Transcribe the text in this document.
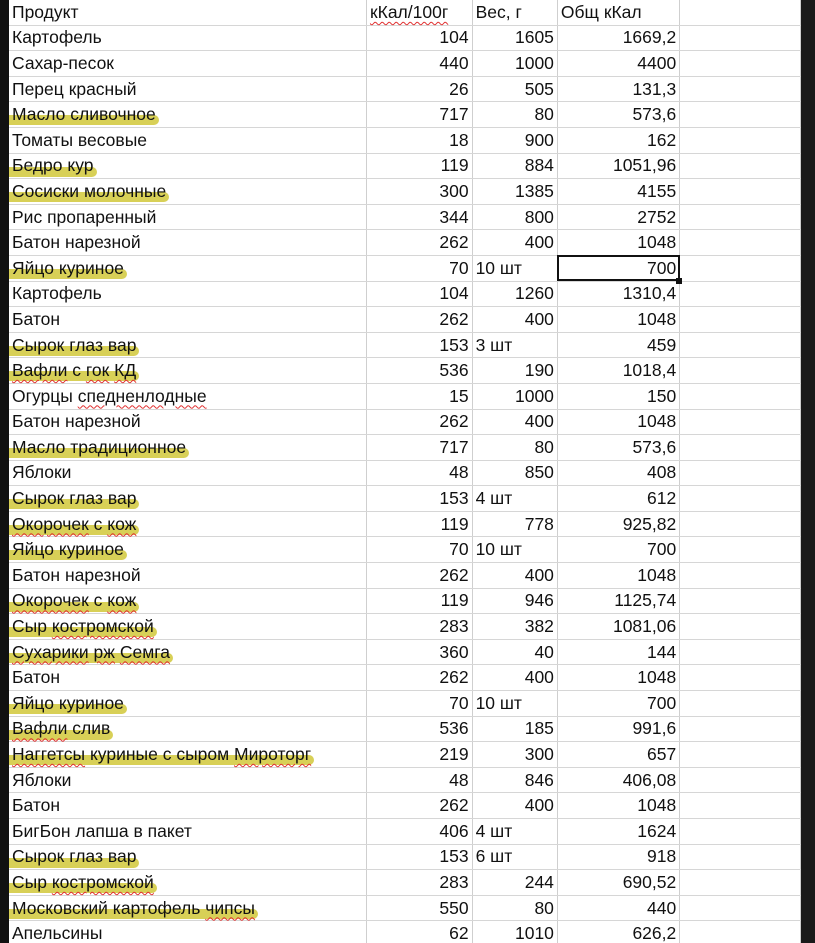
Продукт	кКал/100г	Вес, г	Общ кКал	
Картофель	104	1605	1669,2	
Сахар-песок	440	1000	4400	
Перец красный	26	505	131,3	
Масло сливочное	717	80	573,6	
Томаты весовые	18	900	162	
Бедро кур	119	884	1051,96	
Сосиски молочные	300	1385	4155	
Рис пропаренный	344	800	2752	
Батон нарезной	262	400	1048	
Яйцо куриное	70	10 шт	700

Картофель	104	1260	1310,4	
Батон	262	400	1048	
Сырок глаз вар	153	3 шт	459	
Вафли с гок КД	536	190	1018,4	
Огурцы спедненлодные	15	1000	150	
Батон нарезной	262	400	1048	
Масло традиционное	717	80	573,6	
Яблоки	48	850	408	
Сырок глаз вар	153	4 шт	612	
Окорочек с кож	119	778	925,82	
Яйцо куриное	70	10 шт	700	
Батон нарезной	262	400	1048	
Окорочек с кож	119	946	1125,74	
Сыр костромской	283	382	1081,06	
Сухарики рж Семга	360	40	144	
Батон	262	400	1048	
Яйцо куриное	70	10 шт	700	
Вафли слив	536	185	991,6	
Наггетсы куриные с сыром Мироторг	219	300	657	
Яблоки	48	846	406,08	
Батон	262	400	1048	
БигБон лапша в пакет	406	4 шт	1624	
Сырок глаз вар	153	6 шт	918	
Сыр костромской	283	244	690,52	
Московский картофель чипсы	550	80	440	
Апельсины	62	1010	626,2	
